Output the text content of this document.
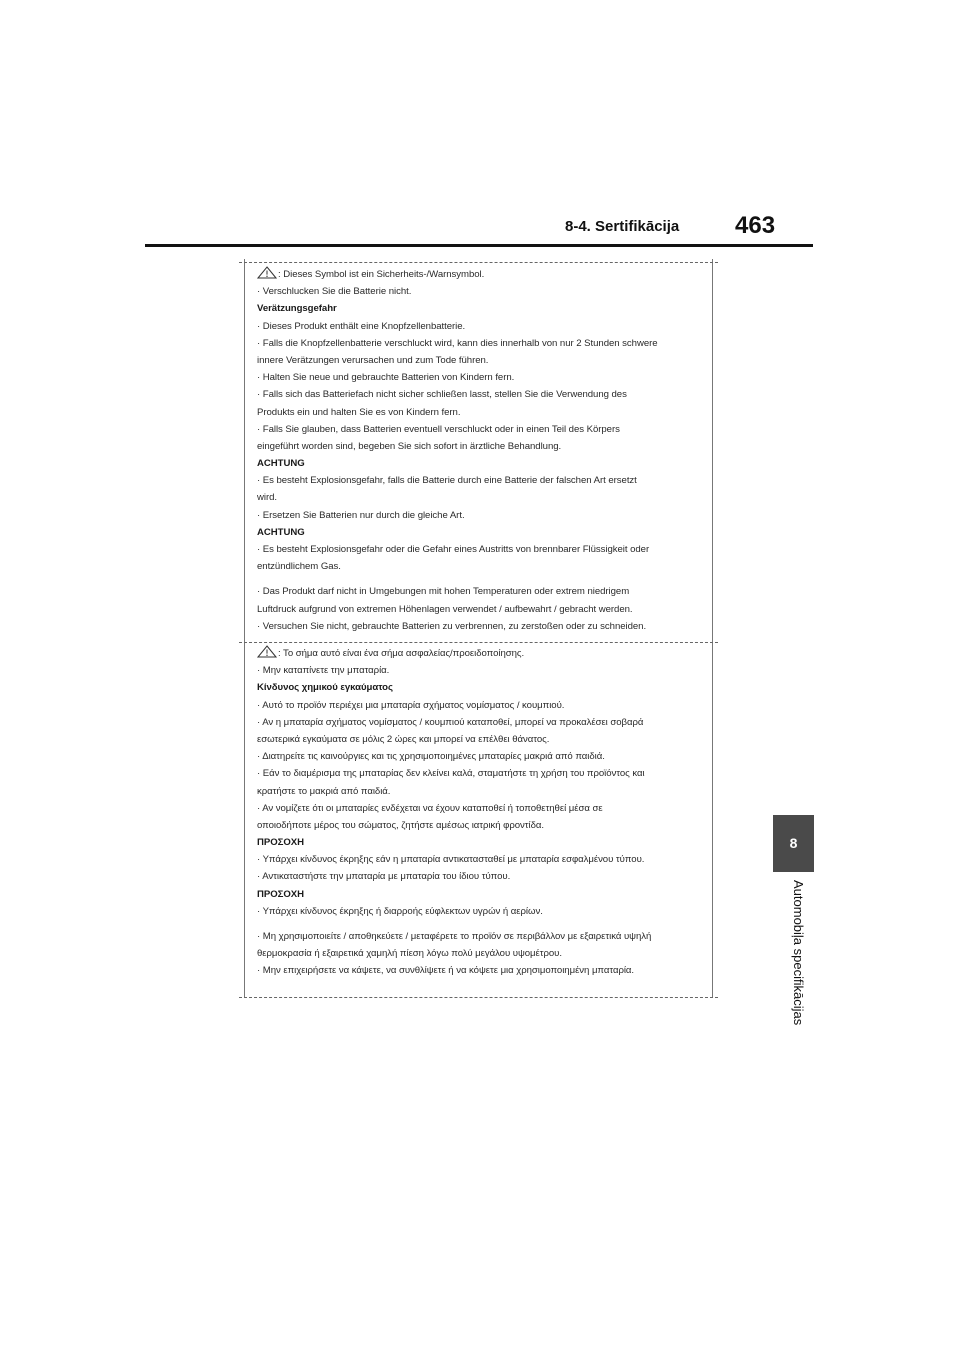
8-4. Sertifikācija 463
8
Automobiļa specifikācijas
: Dieses Symbol ist ein Sicherheits-/Warnsymbol.
· Verschlucken Sie die Batterie nicht.
Verätzungsgefahr
· Dieses Produkt enthält eine Knopfzellenbatterie.
· Falls die Knopfzellenbatterie verschluckt wird, kann dies innerhalb von nur 2 Stunden schwere
innere Verätzungen verursachen und zum Tode führen.
· Halten Sie neue und gebrauchte Batterien von Kindern fern.
· Falls sich das Batteriefach nicht sicher schließen lasst, stellen Sie die Verwendung des
Produkts ein und halten Sie es von Kindern fern.
· Falls Sie glauben, dass Batterien eventuell verschluckt oder in einen Teil des Körpers
eingeführt worden sind, begeben Sie sich sofort in ärztliche Behandlung.
ACHTUNG
· Es besteht Explosionsgefahr, falls die Batterie durch eine Batterie der falschen Art ersetzt
wird.
· Ersetzen Sie Batterien nur durch die gleiche Art.
ACHTUNG
· Es besteht Explosionsgefahr oder die Gefahr eines Austritts von brennbarer Flüssigkeit oder
entzündlichem Gas.
· Das Produkt darf nicht in Umgebungen mit hohen Temperaturen oder extrem niedrigem
Luftdruck aufgrund von extremen Höhenlagen verwendet / aufbewahrt / gebracht werden.
· Versuchen Sie nicht, gebrauchte Batterien zu verbrennen, zu zerstoßen oder zu schneiden.
: Το σήμα αυτό είναι ένα σήμα ασφαλείας/προειδοποίησης.
· Μην καταπίνετε την μπαταρία.
Κίνδυνος χημικού εγκαύματος
· Αυτό το προϊόν περιέχει μια μπαταρία σχήματος νομίσματος / κουμπιού.
· Αν η μπαταρία σχήματος νομίσματος / κουμπιού καταποθεί, μπορεί να προκαλέσει σοβαρά
εσωτερικά εγκαύματα σε μόλις 2 ώρες και μπορεί να επέλθει θάνατος.
· Διατηρείτε τις καινούργιες και τις χρησιμοποιημένες μπαταρίες μακριά από παιδιά.
· Εάν το διαμέρισμα της μπαταρίας δεν κλείνει καλά, σταματήστε τη χρήση του προϊόντος και
κρατήστε το μακριά από παιδιά.
· Αν νομίζετε ότι οι μπαταρίες ενδέχεται να έχουν καταποθεί ή τοποθετηθεί μέσα σε
οποιοδήποτε μέρος του σώματος, ζητήστε αμέσως ιατρική φροντίδα.
ΠΡΟΣΟΧΗ
· Υπάρχει κίνδυνος έκρηξης εάν η μπαταρία αντικατασταθεί με μπαταρία εσφαλμένου τύπου.
· Αντικαταστήστε την μπαταρία με μπαταρία του ίδιου τύπου.
ΠΡΟΣΟΧΗ
· Υπάρχει κίνδυνος έκρηξης ή διαρροής εύφλεκτων υγρών ή αερίων.
· Μη χρησιμοποιείτε / αποθηκεύετε / μεταφέρετε το προϊόν σε περιβάλλον με εξαιρετικά υψηλή
θερμοκρασία ή εξαιρετικά χαμηλή πίεση λόγω πολύ μεγάλου υψομέτρου.
· Μην επιχειρήσετε να κάψετε, να συνθλίψετε ή να κόψετε μια χρησιμοποιημένη μπαταρία.
